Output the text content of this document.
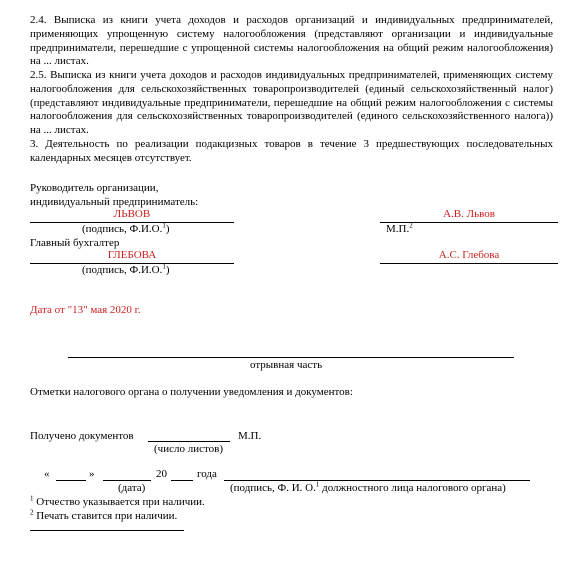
2.4. Выписка из книги учета доходов и расходов организаций и индивидуальных предпринимателей, применяющих упрощенную систему налогообложения (представляют организации и индивидуальные предприниматели, перешедшие с упрощенной системы налогообложения на общий режим налогообложения) на ... листах.
2.5. Выписка из книги учета доходов и расходов индивидуальных предпринимателей, применяющих систему налогообложения для сельскохозяйственных товаропроизводителей (единый сельскохозяйственный налог) (представляют индивидуальные предприниматели, перешедшие на общий режим налогообложения с системы налогообложения для сельскохозяйственных товаропроизводителей (единого сельскохозяйственного налога)) на ... листах.
3. Деятельность по реализации подакцизных товаров в течение 3 предшествующих последовательных календарных месяцев отсутствует.
Руководитель организации,
индивидуальный предприниматель:
ЛЬВОВ	А.В. Львов
(подпись, Ф.И.О.$^1$)	М.П.$^2$
Главный бухгалтер
ГЛЕБОВА	А.С. Глебова
(подпись, Ф.И.О.$^1$)
Дата от "13" мая 2020 г.
отрывная часть
Отметки налогового органа о получении уведомления и документов:
Получено документов	М.П.
(число листов)
«	»	20	года
(дата)	(подпись, Ф. И. О.$^1$ должностного лица налогового органа)
$^1$ Отчество указывается при наличии.
$^2$ Печать ставится при наличии.
